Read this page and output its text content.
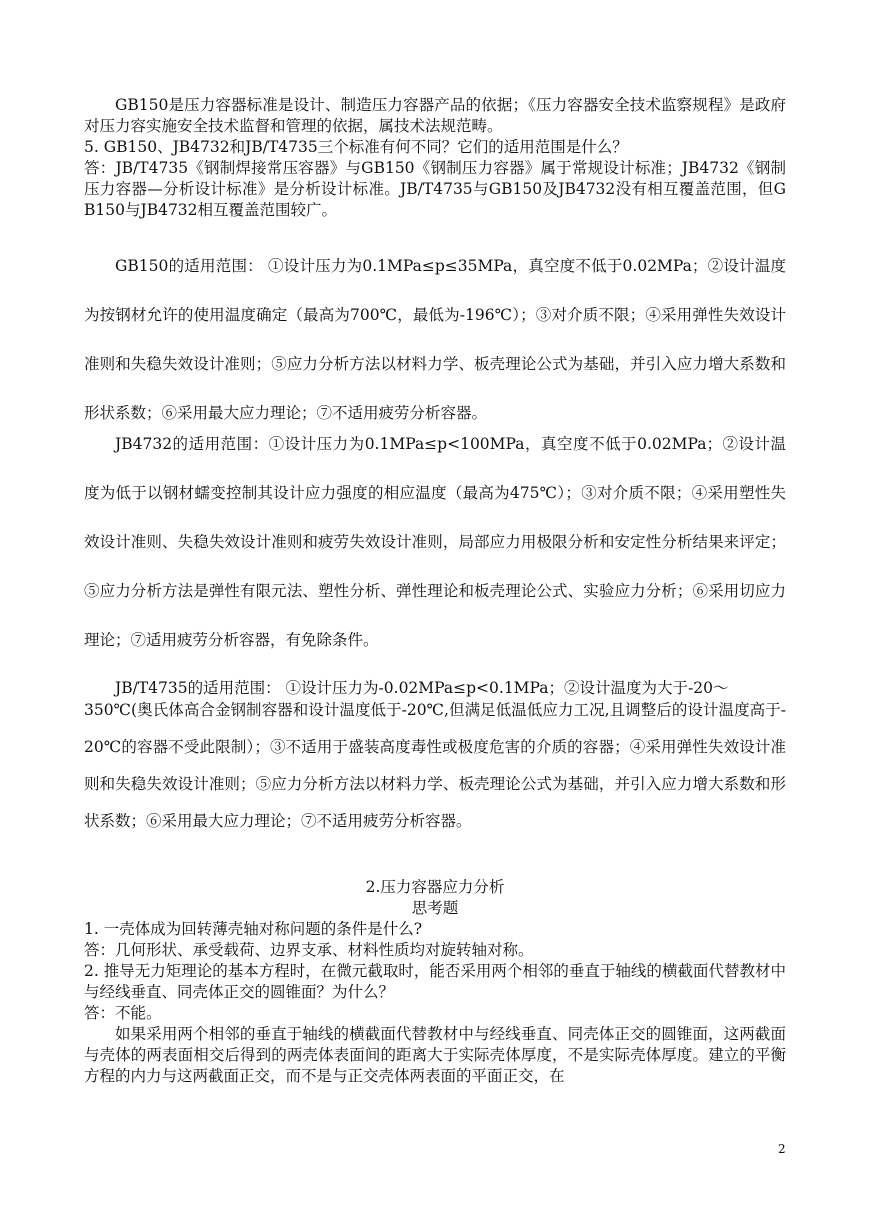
GB150是压力容器标准是设计、制造压力容器产品的依据；《压力容器安全技术监察规程》是政府对压力容实施安全技术监督和管理的依据，属技术法规范畴。
5. GB150、JB4732和JB/T4735三个标准有何不同？它们的适用范围是什么？
答：JB/T4735《钢制焊接常压容器》与GB150《钢制压力容器》属于常规设计标准；JB4732《钢制压力容器—分析设计标准》是分析设计标准。JB/T4735与GB150及JB4732没有相互覆盖范围，但GB150与JB4732相互覆盖范围较广。
GB150的适用范围： ①设计压力为0.1MPa≤p≤35MPa，真空度不低于0.02MPa；②设计温度为按钢材允许的使用温度确定（最高为700℃，最低为-196℃）；③对介质不限；④采用弹性失效设计准则和失稳失效设计准则；⑤应力分析方法以材料力学、板壳理论公式为基础，并引入应力增大系数和形状系数；⑥采用最大应力理论；⑦不适用疲劳分析容器。
JB4732的适用范围：①设计压力为0.1MPa≤p<100MPa，真空度不低于0.02MPa；②设计温度为低于以钢材蠕变控制其设计应力强度的相应温度（最高为475℃）；③对介质不限；④采用塑性失效设计准则、失稳失效设计准则和疲劳失效设计准则，局部应力用极限分析和安定性分析结果来评定；⑤应力分析方法是弹性有限元法、塑性分析、弹性理论和板壳理论公式、实验应力分析；⑥采用切应力理论；⑦适用疲劳分析容器，有免除条件。
JB/T4735的适用范围： ①设计压力为-0.02MPa≤p<0.1MPa；②设计温度为大于-20～
350℃(奥氏体高合金钢制容器和设计温度低于-20℃,但满足低温低应力工况,且调整后的设计温度高于-20℃的容器不受此限制）；③不适用于盛装高度毒性或极度危害的介质的容器；④采用弹性失效设计准则和失稳失效设计准则；⑤应力分析方法以材料力学、板壳理论公式为基础，并引入应力增大系数和形状系数；⑥采用最大应力理论；⑦不适用疲劳分析容器。
2.压力容器应力分析
思考题
1. 一壳体成为回转薄壳轴对称问题的条件是什么?
答：几何形状、承受载荷、边界支承、材料性质均对旋转轴对称。
2. 推导无力矩理论的基本方程时，在微元截取时，能否采用两个相邻的垂直于轴线的横截面代替教材中与经线垂直、同壳体正交的圆锥面？为什么？
答：不能。
如果采用两个相邻的垂直于轴线的横截面代替教材中与经线垂直、同壳体正交的圆锥面，这两截面与壳体的两表面相交后得到的两壳体表面间的距离大于实际壳体厚度，不是实际壳体厚度。建立的平衡方程的内力与这两截面正交，而不是与正交壳体两表面的平面正交，在
2
